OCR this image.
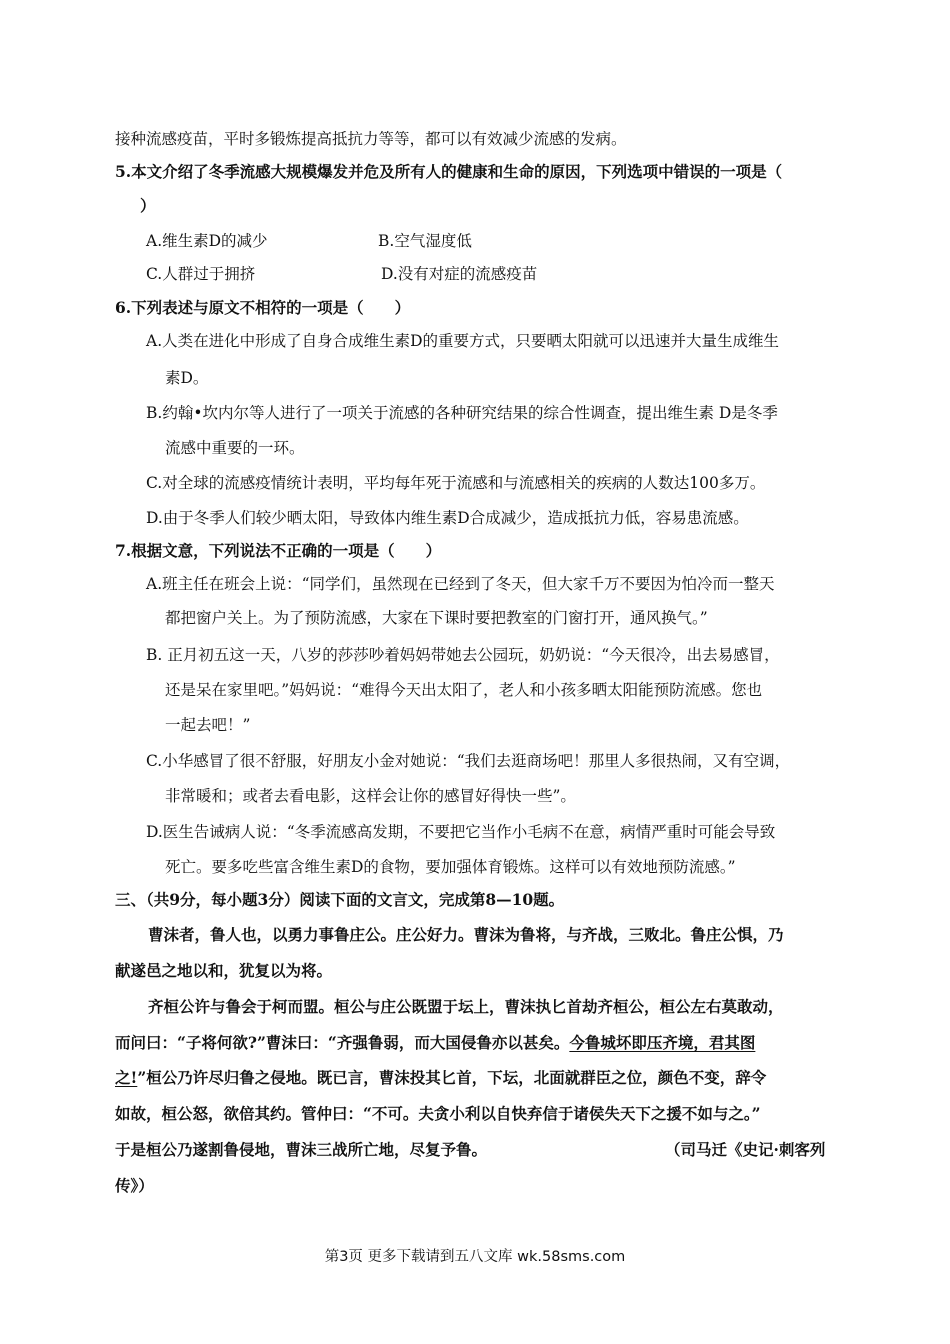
接种流感疫苗，平时多锻炼提高抵抗力等等，都可以有效减少流感的发病。
5.本文介绍了冬季流感大规模爆发并危及所有人的健康和生命的原因，下列选项中错误的一项是（
）
A.维生素D的减少	B.空气湿度低
C.人群过于拥挤	D.没有对症的流感疫苗
6.下列表述与原文不相符的一项是（　　）
A.人类在进化中形成了自身合成维生素D的重要方式，只要晒太阳就可以迅速并大量生成维生
素D。
B.约翰•坎内尔等人进行了一项关于流感的各种研究结果的综合性调查，提出维生素 D是冬季
流感中重要的一环。
C.对全球的流感疫情统计表明，平均每年死于流感和与流感相关的疾病的人数达100多万。
D.由于冬季人们较少晒太阳，导致体内维生素D合成减少，造成抵抗力低，容易患流感。
7.根据文意，下列说法不正确的一项是（　　）
A.班主任在班会上说：“同学们，虽然现在已经到了冬天，但大家千万不要因为怕冷而一整天
都把窗户关上。为了预防流感，大家在下课时要把教室的门窗打开，通风换气。”
B. 正月初五这一天，八岁的莎莎吵着妈妈带她去公园玩，奶奶说：“今天很冷，出去易感冒，
还是呆在家里吧。”妈妈说：“难得今天出太阳了，老人和小孩多晒太阳能预防流感。您也
一起去吧！”
C.小华感冒了很不舒服，好朋友小金对她说：“我们去逛商场吧！那里人多很热闹，又有空调，
非常暖和；或者去看电影，这样会让你的感冒好得快一些”。
D.医生告诫病人说：“冬季流感高发期，不要把它当作小毛病不在意，病情严重时可能会导致
死亡。要多吃些富含维生素D的食物，要加强体育锻炼。这样可以有效地预防流感。”
三、（共9分，每小题3分）阅读下面的文言文，完成第8—10题。
曹沫者，鲁人也，以勇力事鲁庄公。庄公好力。曹沫为鲁将，与齐战，三败北。鲁庄公惧，乃
献遂邑之地以和，犹复以为将。
齐桓公许与鲁会于柯而盟。桓公与庄公既盟于坛上，曹沫执匕首劫齐桓公，桓公左右莫敢动，
而问曰：“子将何欲?”曹沫曰：“齐强鲁弱，而大国侵鲁亦以甚矣。今鲁城坏即压齐境，君其图
之!”桓公乃许尽归鲁之侵地。既已言，曹沫投其匕首，下坛，北面就群臣之位，颜色不变，辞令
如故，桓公怒，欲倍其约。管仲曰：“不可。夫贪小利以自快弃信于诸侯失天下之援不如与之。”
于是桓公乃遂割鲁侵地，曹沫三战所亡地，尽复予鲁。	（司马迁《史记·刺客列
传》）
第3页 更多下载请到五八文库 wk.58sms.com
